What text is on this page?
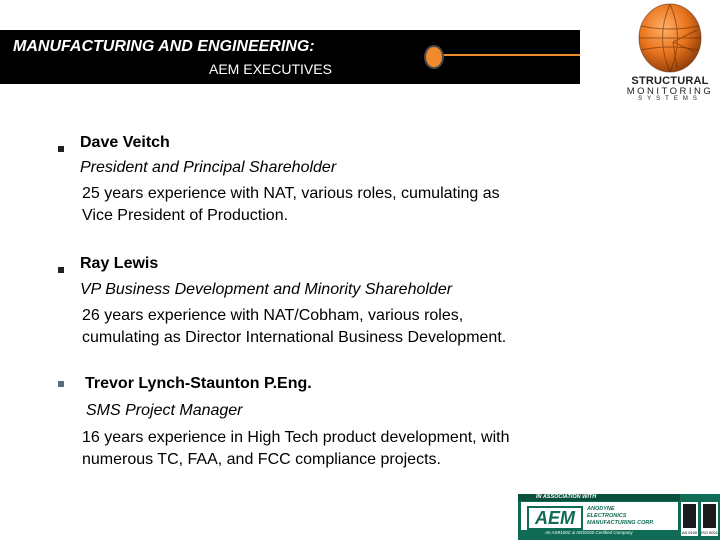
MANUFACTURING AND ENGINEERING:
AEM EXECUTIVES
STRUCTURAL
MONITORING
SYSTEMS
Dave Veitch
President and Principal Shareholder
25 years experience with NAT, various roles, cumulating as
Vice President of Production.
Ray Lewis
VP Business Development and Minority Shareholder
26 years experience with NAT/Cobham, various roles,
cumulating as Director International Business Development.
Trevor Lynch-Staunton P.Eng.
SMS Project Manager
16 years experience in High Tech product development, with
numerous TC, FAA, and FCC compliance projects.
IN ASSOCIATION WITH
AEM	ANODYNE
ELECTRONICS
MANUFACTURING CORP.
An AS9100C & ISO9100 Certified Company	AS 9100 ISO 9001
